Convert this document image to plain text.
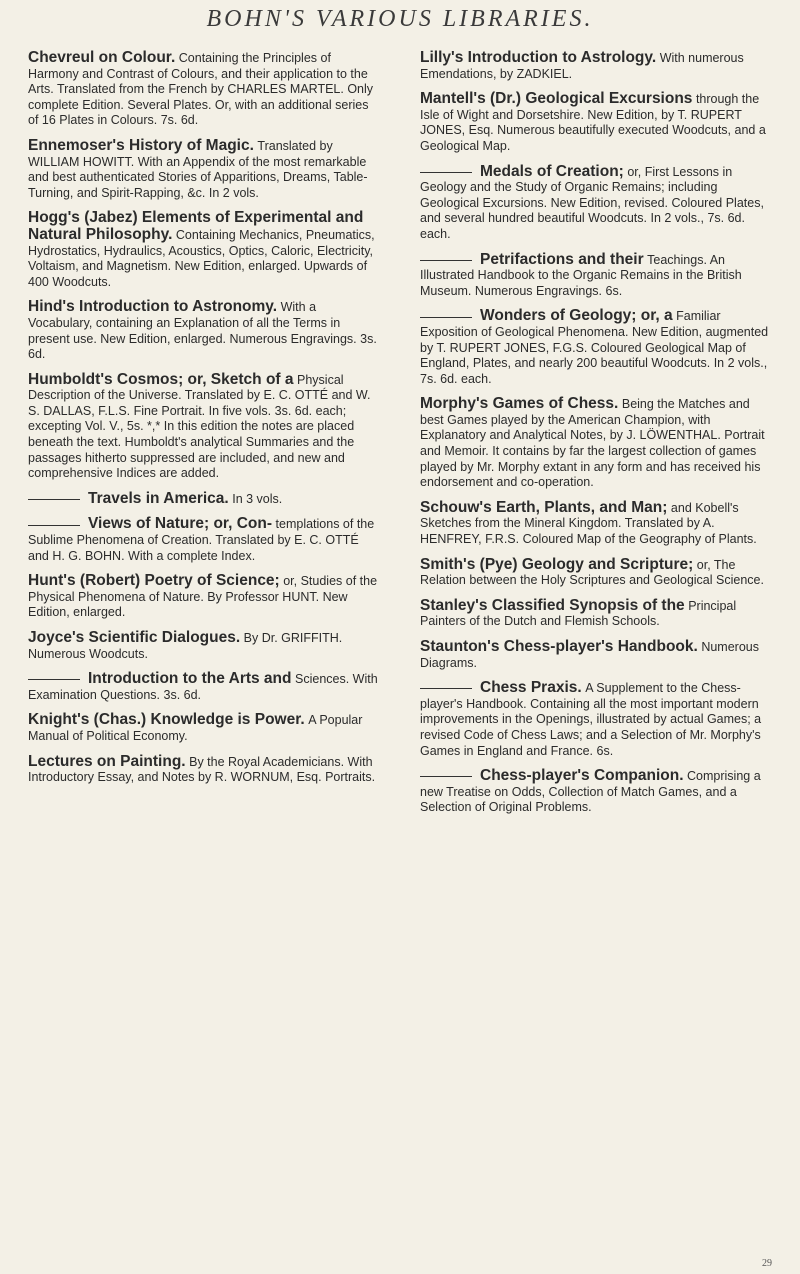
BOHN'S VARIOUS LIBRARIES.

Chevreul on Colour. Containing the Principles of Harmony and Contrast of Colours, and their application to the Arts. Translated from the French by CHARLES MARTEL. Only complete Edition. Several Plates. Or, with an additional series of 16 Plates in Colours. 7s. 6d.

Ennemoser's History of Magic. Translated by WILLIAM HOWITT. With an Appendix of the most remarkable and best authenticated Stories of Apparitions, Dreams, Table-Turning, and Spirit-Rapping, &c. In 2 vols.

Hogg's (Jabez) Elements of Experimental and Natural Philosophy. Containing Mechanics, Pneumatics, Hydrostatics, Hydraulics, Acoustics, Optics, Caloric, Electricity, Voltaism, and Magnetism. New Edition, enlarged. Upwards of 400 Woodcuts.

Hind's Introduction to Astronomy. With a Vocabulary, containing an Explanation of all the Terms in present use. New Edition, enlarged. Numerous Engravings. 3s. 6d.

Humboldt's Cosmos; or, Sketch of a Physical Description of the Universe. Translated by E. C. OTTÉ and W. S. DALLAS, F.L.S. Fine Portrait. In five vols. 3s. 6d. each; excepting Vol. V., 5s. *,* In this edition the notes are placed beneath the text. Humboldt's analytical Summaries and the passages hitherto suppressed are included, and new and comprehensive Indices are added.

Travels in America. In 3 vols.

Views of Nature; or, Con- templations of the Sublime Phenomena of Creation. Translated by E. C. OTTÉ and H. G. BOHN. With a complete Index.

Hunt's (Robert) Poetry of Science; or, Studies of the Physical Phenomena of Nature. By Professor HUNT. New Edition, enlarged.

Joyce's Scientific Dialogues. By Dr. GRIFFITH. Numerous Woodcuts.

Introduction to the Arts and Sciences. With Examination Questions. 3s. 6d.

Knight's (Chas.) Knowledge is Power. A Popular Manual of Political Economy.

Lectures on Painting. By the Royal Academicians. With Introductory Essay, and Notes by R. WORNUM, Esq. Portraits.

Lilly's Introduction to Astrology. With numerous Emendations, by ZADKIEL.

Mantell's (Dr.) Geological Excursions through the Isle of Wight and Dorsetshire. New Edition, by T. RUPERT JONES, Esq. Numerous beautifully executed Woodcuts, and a Geological Map.

Medals of Creation; or, First Lessons in Geology and the Study of Organic Remains; including Geological Excursions. New Edition, revised. Coloured Plates, and several hundred beautiful Woodcuts. In 2 vols., 7s. 6d. each.

Petrifactions and their Teachings. An Illustrated Handbook to the Organic Remains in the British Museum. Numerous Engravings. 6s.

Wonders of Geology; or, a Familiar Exposition of Geological Phenomena. New Edition, augmented by T. RUPERT JONES, F.G.S. Coloured Geological Map of England, Plates, and nearly 200 beautiful Woodcuts. In 2 vols., 7s. 6d. each.

Morphy's Games of Chess. Being the Matches and best Games played by the American Champion, with Explanatory and Analytical Notes, by J. LÖWENTHAL. Portrait and Memoir. It contains by far the largest collection of games played by Mr. Morphy extant in any form and has received his endorsement and co-operation.

Schouw's Earth, Plants, and Man; and Kobell's Sketches from the Mineral Kingdom. Translated by A. HENFREY, F.R.S. Coloured Map of the Geography of Plants.

Smith's (Pye) Geology and Scripture; or, The Relation between the Holy Scriptures and Geological Science.

Stanley's Classified Synopsis of the Principal Painters of the Dutch and Flemish Schools.

Staunton's Chess-player's Handbook. Numerous Diagrams.

Chess Praxis. A Supplement to the Chess-player's Handbook. Containing all the most important modern improvements in the Openings, illustrated by actual Games; a revised Code of Chess Laws; and a Selection of Mr. Morphy's Games in England and France. 6s.

Chess-player's Companion. Comprising a new Treatise on Odds, Collection of Match Games, and a Selection of Original Problems.

29
